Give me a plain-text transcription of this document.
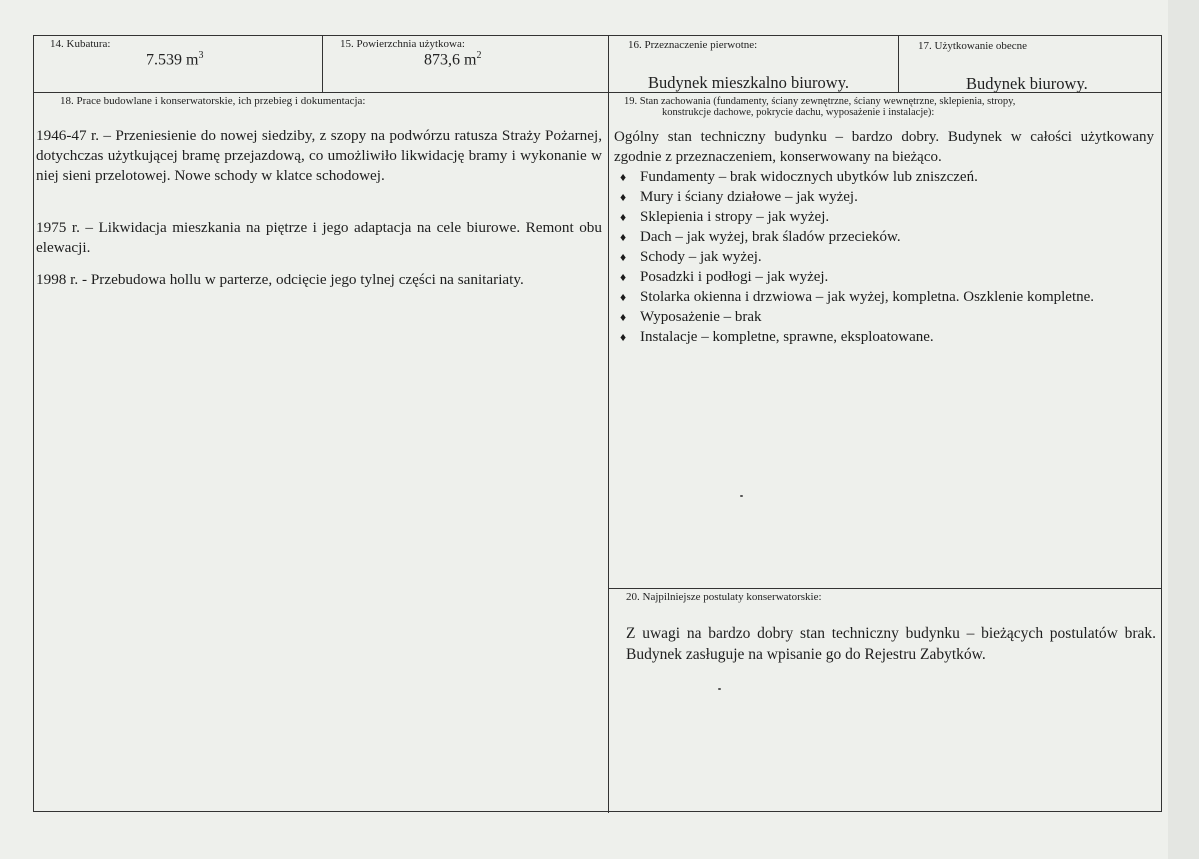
14. Kubatura:
7.539 $m^3$
15. Powierzchnia użytkowa:
873,6 $m^2$
16. Przeznaczenie pierwotne:
Budynek mieszkalno biurowy.
17. Użytkowanie obecne
Budynek biurowy.
18. Prace budowlane i konserwatorskie, ich przebieg i dokumentacja:
1946-47 r. – Przeniesienie do nowej siedziby, z szopy na podwórzu ratusza Straży Pożarnej, dotychczas użytkującej bramę przejazdową, co umożliwiło likwidację bramy i wykonanie w niej sieni przelotowej. Nowe schody w klatce schodowej.
1975 r. – Likwidacja mieszkania na piętrze i jego adaptacja na cele biurowe. Remont obu elewacji.
1998 r. - Przebudowa hollu w parterze, odcięcie jego tylnej części na sanitariaty.
19. Stan zachowania (fundamenty, ściany zewnętrzne, ściany wewnętrzne, sklepienia, stropy,
konstrukcje dachowe, pokrycie dachu, wyposażenie i instalacje):
Ogólny stan techniczny budynku – bardzo dobry. Budynek w całości użytkowany zgodnie z przeznaczeniem, konserwowany na bieżąco.
♦ Fundamenty – brak widocznych ubytków lub zniszczeń.
♦ Mury i ściany działowe – jak wyżej.
♦ Sklepienia i stropy – jak wyżej.
♦ Dach – jak wyżej, brak śladów przecieków.
♦ Schody – jak wyżej.
♦ Posadzki i podłogi – jak wyżej.
♦ Stolarka okienna i drzwiowa – jak wyżej, kompletna. Oszklenie kompletne.
♦ Wyposażenie – brak
♦ Instalacje – kompletne, sprawne, eksploatowane.
20. Najpilniejsze postulaty konserwatorskie:
Z uwagi na bardzo dobry stan techniczny budynku – bieżących postulatów brak. Budynek zasługuje na wpisanie go do Rejestru Zabytków.
